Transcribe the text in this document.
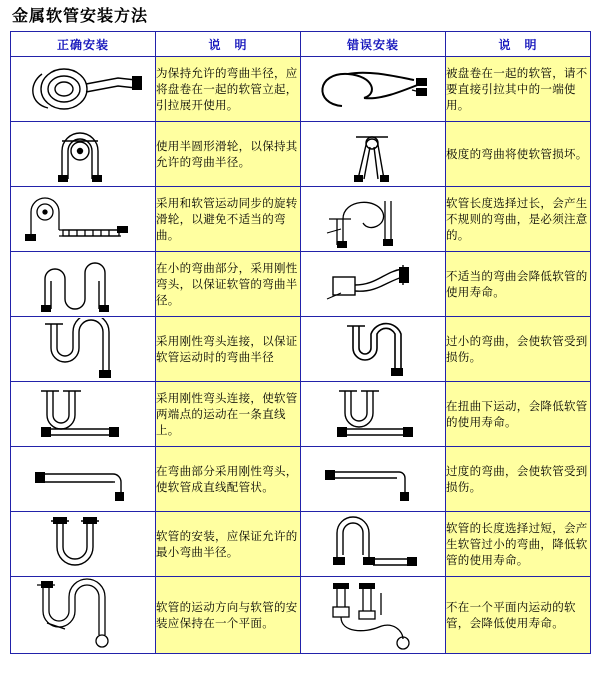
金属软管安装方法
正确安装	说　明	错误安装	说　明

	为保持允许的弯曲半径，应将盘卷在一起的软管立起，引拉展开使用。		被盘卷在一起的软管，请不要直接引拉其中的一端使用。

	使用半圆形滑轮，以保持其允许的弯曲半径。		极度的弯曲将使软管损坏。

	采用和软管运动同步的旋转滑轮，以避免不适当的弯曲。		软管长度选择过长，会产生不规则的弯曲，是必须注意的。

	在小的弯曲部分，采用刚性弯头，以保证软管的弯曲半径。		不适当的弯曲会降低软管的使用寿命。

	采用刚性弯头连接，以保证软管运动时的弯曲半径		过小的弯曲，会使软管受到损伤。

	采用刚性弯头连接，使软管两端点的运动在一条直线上。		在扭曲下运动，会降低软管的使用寿命。

	在弯曲部分采用刚性弯头，使软管成直线配管状。		过度的弯曲，会使软管受到损伤。

	软管的安装，应保证允许的最小弯曲半径。		软管的长度选择过短，会产生软管过小的弯曲，降低软管的使用寿命。

	软管的运动方向与软管的安装应保持在一个平面。		不在一个平面内运动的软管，会降低使用寿命。
